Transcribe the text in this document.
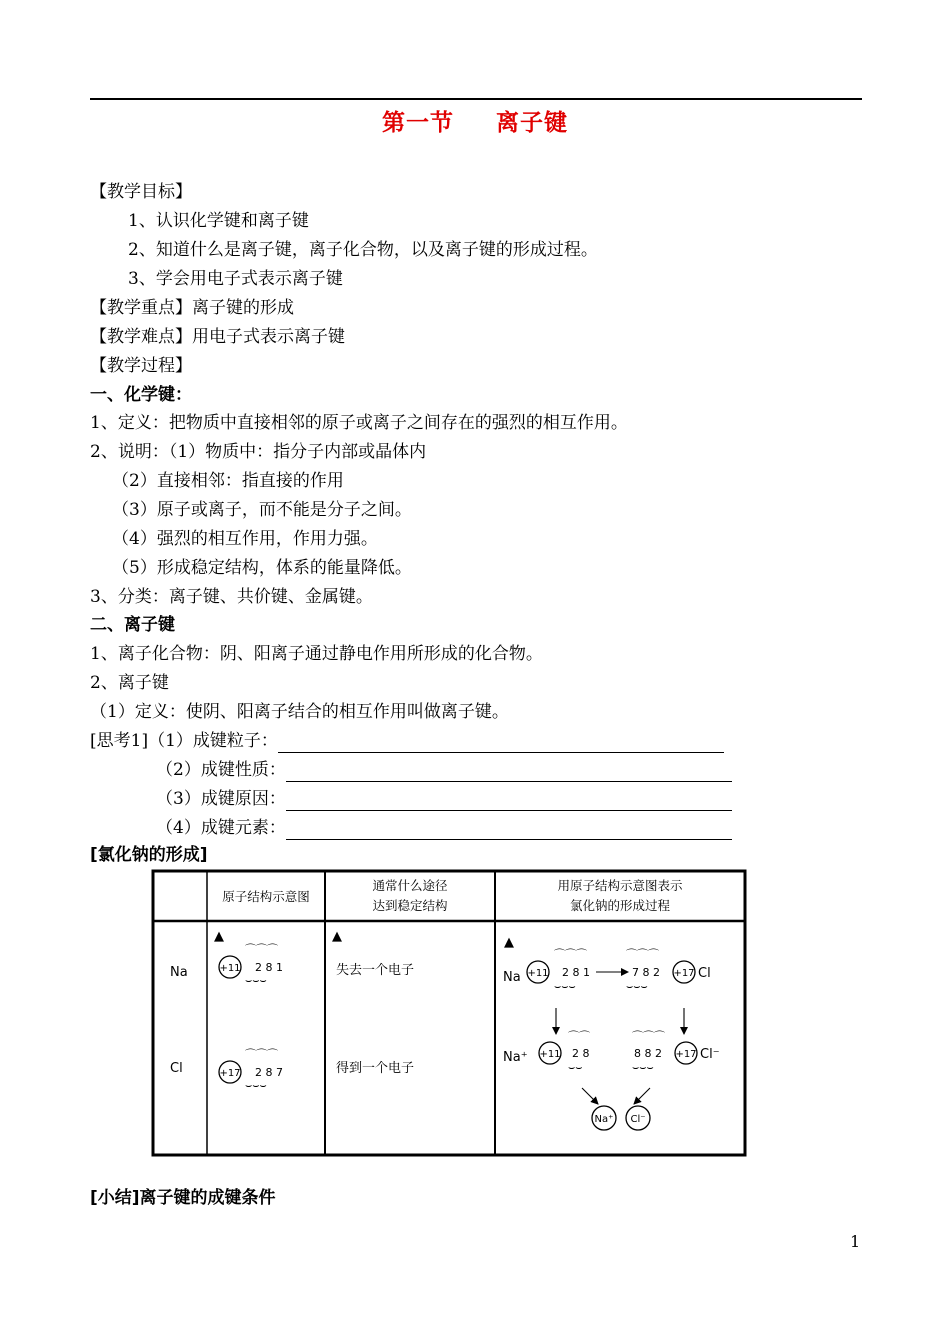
第一节 离子键
【教学目标】
1、认识化学键和离子键
2、知道什么是离子键，离子化合物，以及离子键的形成过程。
3、学会用电子式表示离子键
【教学重点】离子键的形成
【教学难点】用电子式表示离子键
【教学过程】
一、化学键：
1、定义：把物质中直接相邻的原子或离子之间存在的强烈的相互作用。
2、说明：（1）物质中：指分子内部或晶体内
（2）直接相邻：指直接的作用
（3）原子或离子，而不能是分子之间。
（4）强烈的相互作用，作用力强。
（5）形成稳定结构，体系的能量降低。
3、分类：离子键、共价键、金属键。
二、离子键
1、离子化合物：阴、阳离子通过静电作用所形成的化合物。
2、离子键
（1）定义：使阴、阳离子结合的相互作用叫做离子键。
[思考1]（1）成键粒子：
（2）成键性质：
（3）成键原因：
（4）成键元素：
[氯化钠的形成]
原子结构示意图
通常什么途径
达到稳定结构
用原子结构示意图表示
氯化钠的形成过程
▲	▲	▲
Na
Cl
+11
⌒⌒⌒
2 8 1
⌣⌣⌣
+17
⌒⌒⌒
2 8 7
⌣⌣⌣
失去一个电子
得到一个电子
Na +11
⌒⌒⌒
2 8 1
⌣⌣⌣
⌒⌒⌒
7 8 2
⌣⌣⌣
+17 Cl
Na⁺ +11
⌒⌒
2 8
⌣⌣
⌒⌒⌒
8 8 2
⌣⌣⌣
+17 Cl⁻
Na⁺ Cl⁻
[小结]离子键的成键条件
1
